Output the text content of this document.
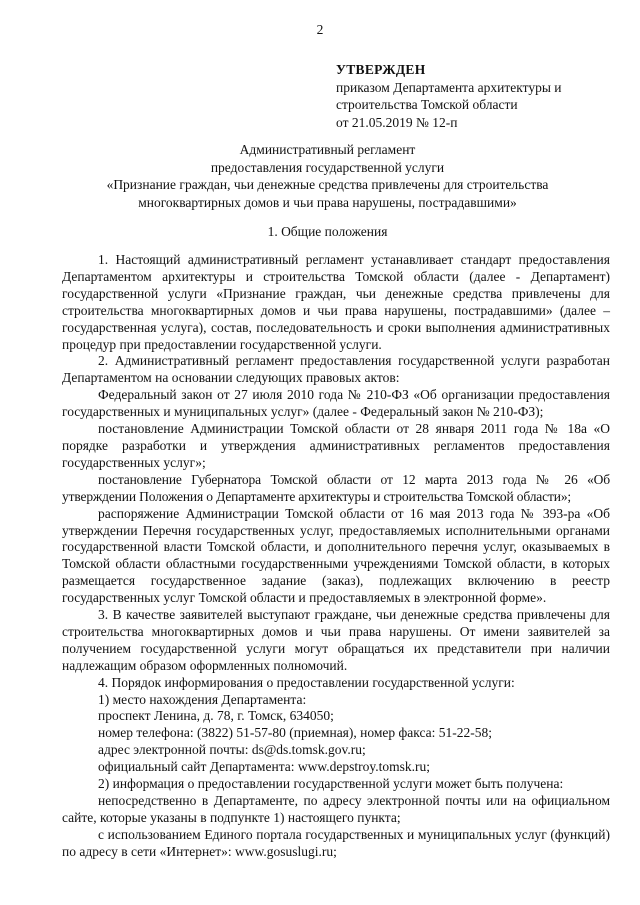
2
УТВЕРЖДЕН
приказом Департамента архитектуры и
строительства Томской области
от 21.05.2019 № 12-п
Административный регламент
предоставления государственной услуги
«Признание граждан, чьи денежные средства привлечены для строительства
многоквартирных домов и чьи права нарушены, пострадавшими»
1. Общие положения

1. Настоящий административный регламент устанавливает стандарт предоставления Департаментом архитектуры и строительства Томской области (далее - Департамент) государственной услуги «Признание граждан, чьи денежные средства привлечены для строительства многоквартирных домов и чьи права нарушены, пострадавшими» (далее – государственная услуга), состав, последовательность и сроки выполнения административных процедур при предоставлении государственной услуги.

2. Административный регламент предоставления государственной услуги разработан Департаментом на основании следующих правовых актов:

Федеральный закон от 27 июля 2010 года № 210-ФЗ «Об организации предоставления государственных и муниципальных услуг» (далее - Федеральный закон № 210-ФЗ);

постановление Администрации Томской области от 28 января 2011 года № 18а «О порядке разработки и утверждения административных регламентов предоставления государственных услуг»;

постановление Губернатора Томской области от 12 марта 2013 года № 26 «Об утверждении Положения о Департаменте архитектуры и строительства Томской области»;

распоряжение Администрации Томской области от 16 мая 2013 года № 393-ра «Об утверждении Перечня государственных услуг, предоставляемых исполнительными органами государственной власти Томской области, и дополнительного перечня услуг, оказываемых в Томской области областными государственными учреждениями Томской области, в которых размещается государственное задание (заказ), подлежащих включению в реестр государственных услуг Томской области и предоставляемых в электронной форме».

3. В качестве заявителей выступают граждане, чьи денежные средства привлечены для строительства многоквартирных домов и чьи права нарушены. От имени заявителей за получением государственной услуги могут обращаться их представители при наличии надлежащим образом оформленных полномочий.

4. Порядок информирования о предоставлении государственной услуги:

1) место нахождения Департамента:

проспект Ленина, д. 78, г. Томск, 634050;

номер телефона: (3822) 51-57-80 (приемная), номер факса: 51-22-58;

адрес электронной почты: ds@ds.tomsk.gov.ru;

официальный сайт Департамента: www.depstroy.tomsk.ru;

2) информация о предоставлении государственной услуги может быть получена:

непосредственно в Департаменте, по адресу электронной почты или на официальном сайте, которые указаны в подпункте 1) настоящего пункта;

с использованием Единого портала государственных и муниципальных услуг (функций) по адресу в сети «Интернет»: www.gosuslugi.ru;
